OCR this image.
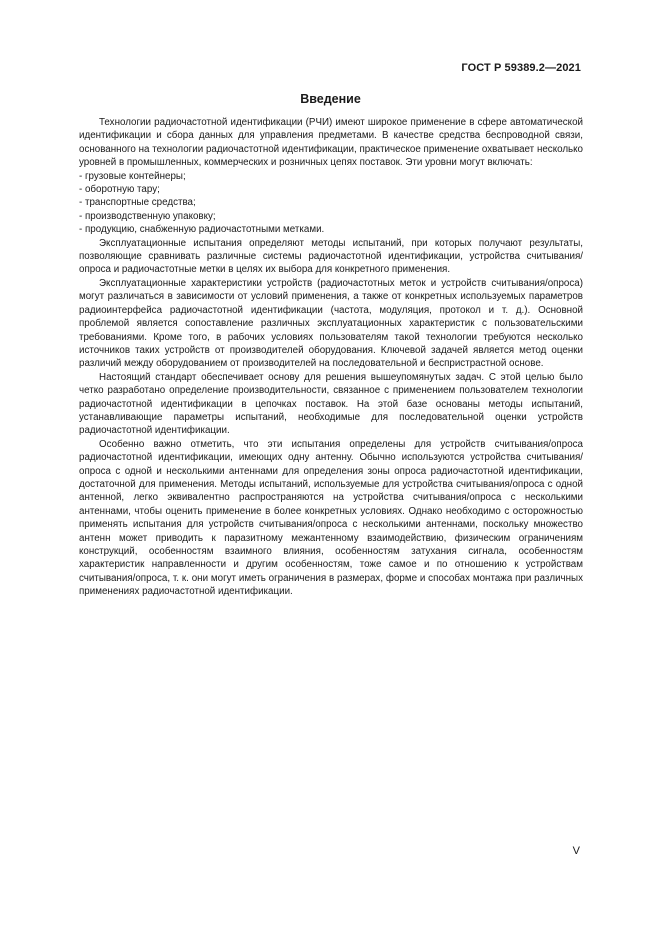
ГОСТ Р 59389.2—2021
Введение

Технологии радиочастотной идентификации (РЧИ) имеют широкое применение в сфере автоматической идентификации и сбора данных для управления предметами. В качестве средства беспроводной связи, основанного на технологии радиочастотной идентификации, практическое применение охватывает несколько уровней в промышленных, коммерческих и розничных цепях поставок. Эти уровни могут включать:

- грузовые контейнеры;
- оборотную тару;
- транспортные средства;
- производственную упаковку;
- продукцию, снабженную радиочастотными метками.

Эксплуатационные испытания определяют методы испытаний, при которых получают результаты, позволяющие сравнивать различные системы радиочастотной идентификации, устройства считывания/опроса и радиочастотные метки в целях их выбора для конкретного применения.

Эксплуатационные характеристики устройств (радиочастотных меток и устройств считывания/опроса) могут различаться в зависимости от условий применения, а также от конкретных используемых параметров радиоинтерфейса радиочастотной идентификации (частота, модуляция, протокол и т. д.). Основной проблемой является сопоставление различных эксплуатационных характеристик с пользовательскими требованиями. Кроме того, в рабочих условиях пользователям такой технологии требуются несколько источников таких устройств от производителей оборудования. Ключевой задачей является метод оценки различий между оборудованием от производителей на последовательной и беспристрастной основе.

Настоящий стандарт обеспечивает основу для решения вышеупомянутых задач. С этой целью было четко разработано определение производительности, связанное с применением пользователем технологии радиочастотной идентификации в цепочках поставок. На этой базе основаны методы испытаний, устанавливающие параметры испытаний, необходимые для последовательной оценки устройств радиочастотной идентификации.

Особенно важно отметить, что эти испытания определены для устройств считывания/опроса радиочастотной идентификации, имеющих одну антенну. Обычно используются устройства считывания/опроса с одной и несколькими антеннами для определения зоны опроса радиочастотной идентификации, достаточной для применения. Методы испытаний, используемые для устройства считывания/опроса с одной антенной, легко эквивалентно распространяются на устройства считывания/опроса с несколькими антеннами, чтобы оценить применение в более конкретных условиях. Однако необходимо с осторожностью применять испытания для устройств считывания/опроса с несколькими антеннами, поскольку множество антенн может приводить к паразитному межантенному взаимодействию, физическим ограничениям конструкций, особенностям взаимного влияния, особенностям затухания сигнала, особенностям характеристик направленности и другим особенностям, тоже самое и по отношению к устройствам считывания/опроса, т. к. они могут иметь ограничения в размерах, форме и способах монтажа при различных применениях радиочастотной идентификации.

V
